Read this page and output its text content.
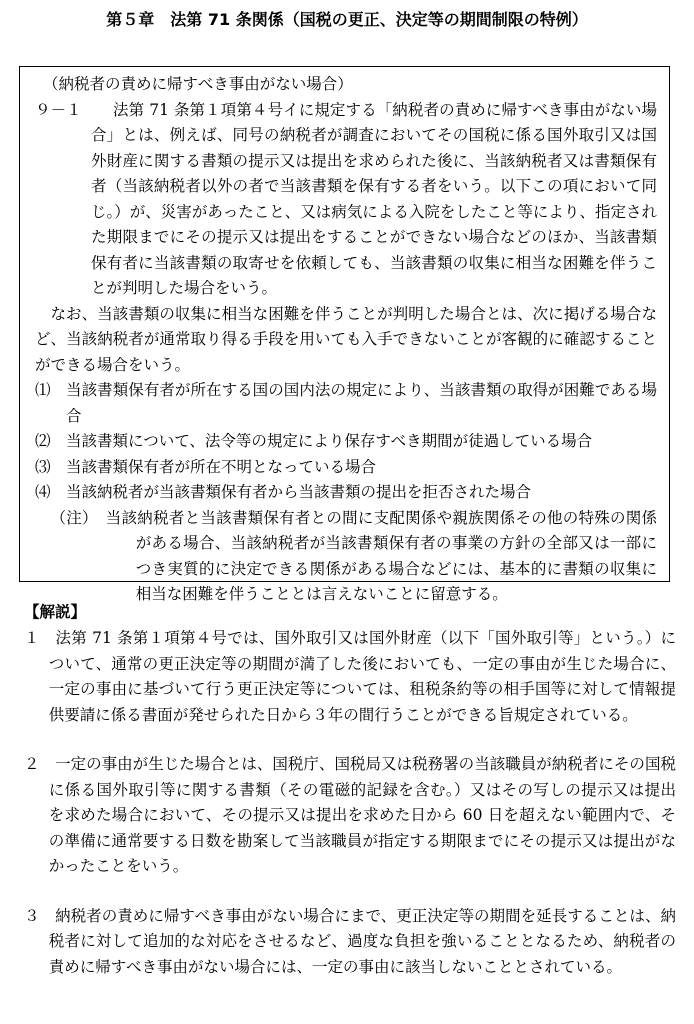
第５章　法第 71 条関係（国税の更正、決定等の期間制限の特例）

（納税者の責めに帰すべき事由がない場合）

９－１　　 法第 71 条第１項第４号イに規定する「納税者の責めに帰すべき事由がない場合」とは、例えば、同号の納税者が調査においてその国税に係る国外取引又は国外財産に関する書類の提示又は提出を求められた後に、当該納税者又は書類保有者（当該納税者以外の者で当該書類を保有する者をいう。以下この項において同じ。）が、災害があったこと、又は病気による入院をしたこと等により、指定された期限までにその提示又は提出をすることができない場合などのほか、当該書類保有者に当該書類の取寄せを依頼しても、当該書類の収集に相当な困難を伴うことが判明した場合をいう。

なお、当該書類の収集に相当な困難を伴うことが判明した場合とは、次に掲げる場合など、当該納税者が通常取り得る手段を用いても入手できないことが客観的に確認することができる場合をいう。

⑴ 当該書類保有者が所在する国の国内法の規定により、当該書類の取得が困難である場合

⑵ 当該書類について、法令等の規定により保存すべき期間が徒過している場合

⑶ 当該書類保有者が所在不明となっている場合

⑷ 当該納税者が当該書類保有者から当該書類の提出を拒否された場合

（注）　 当該納税者と当該書類保有者との間に支配関係や親族関係その他の特殊の関係がある場合、当該納税者が当該書類保有者の事業の方針の全部又は一部につき実質的に決定できる関係がある場合などには、基本的に書類の収集に相当な困難を伴うこととは言えないことに留意する。

【解説】

１　 法第 71 条第１項第４号では、国外取引又は国外財産（以下「国外取引等」という。）について、通常の更正決定等の期間が満了した後においても、一定の事由が生じた場合に、一定の事由に基づいて行う更正決定等については、租税条約等の相手国等に対して情報提供要請に係る書面が発せられた日から３年の間行うことができる旨規定されている。

２　 一定の事由が生じた場合とは、国税庁、国税局又は税務署の当該職員が納税者にその国税に係る国外取引等に関する書類（その電磁的記録を含む。）又はその写しの提示又は提出を求めた場合において、その提示又は提出を求めた日から 60 日を超えない範囲内で、その準備に通常要する日数を勘案して当該職員が指定する期限までにその提示又は提出がなかったことをいう。

３　 納税者の責めに帰すべき事由がない場合にまで、更正決定等の期間を延長することは、納税者に対して追加的な対応をさせるなど、過度な負担を強いることとなるため、納税者の責めに帰すべき事由がない場合には、一定の事由に該当しないこととされている。
